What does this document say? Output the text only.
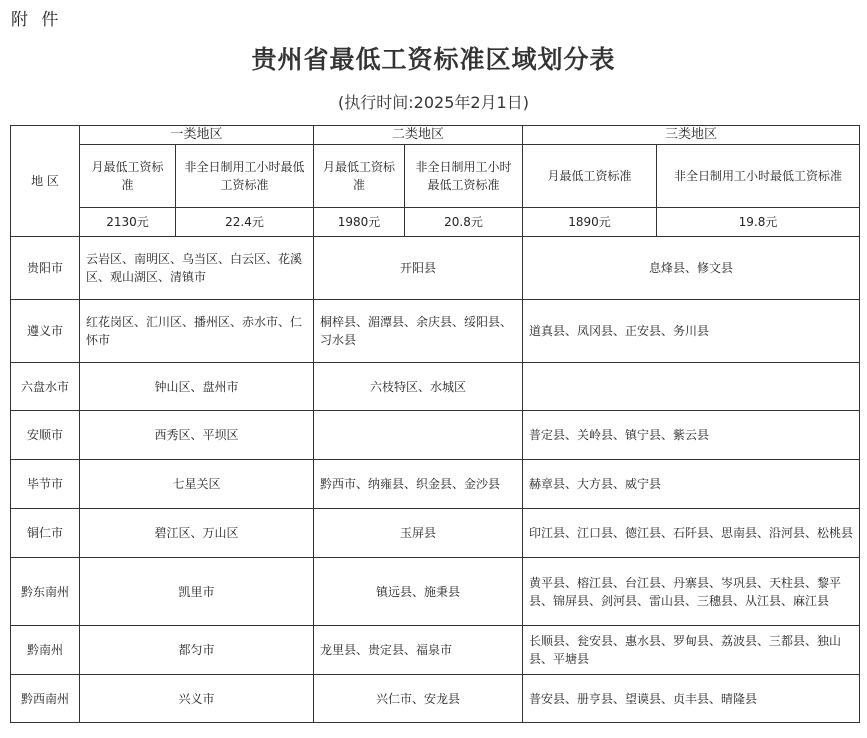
附 件
贵州省最低工资标准区域划分表
(执行时间:2025年2月1日)
地 区	一类地区		二类地区		三类地区	
	月最低工资标准	非全日制用工小时最低工资标准	月最低工资标准	非全日制用工小时最低工资标准	月最低工资标准	非全日制用工小时最低工资标准
	2130元	22.4元	1980元	20.8元	1890元	19.8元
贵阳市	云岩区、南明区、乌当区、白云区、花溪区、观山湖区、清镇市		开阳县		息烽县、修文县	
遵义市	红花岗区、汇川区、播州区、赤水市、仁怀市		桐梓县、湄潭县、余庆县、绥阳县、习水县		道真县、凤冈县、正安县、务川县	
六盘水市	钟山区、盘州市		六枝特区、水城区			
安顺市	西秀区、平坝区				普定县、关岭县、镇宁县、紫云县	
毕节市	七星关区		黔西市、纳雍县、织金县、金沙县		赫章县、大方县、威宁县	
铜仁市	碧江区、万山区		玉屏县		印江县、江口县、德江县、石阡县、思南县、沿河县、松桃县	
黔东南州	凯里市		镇远县、施秉县		黄平县、榕江县、台江县、丹寨县、岑巩县、天柱县、黎平县、锦屏县、剑河县、雷山县、三穗县、从江县、麻江县	
黔南州	都匀市		龙里县、贵定县、福泉市		长顺县、瓮安县、惠水县、罗甸县、荔波县、三都县、独山县、平塘县	
黔西南州	兴义市		兴仁市、安龙县		普安县、册亨县、望谟县、贞丰县、晴隆县	
